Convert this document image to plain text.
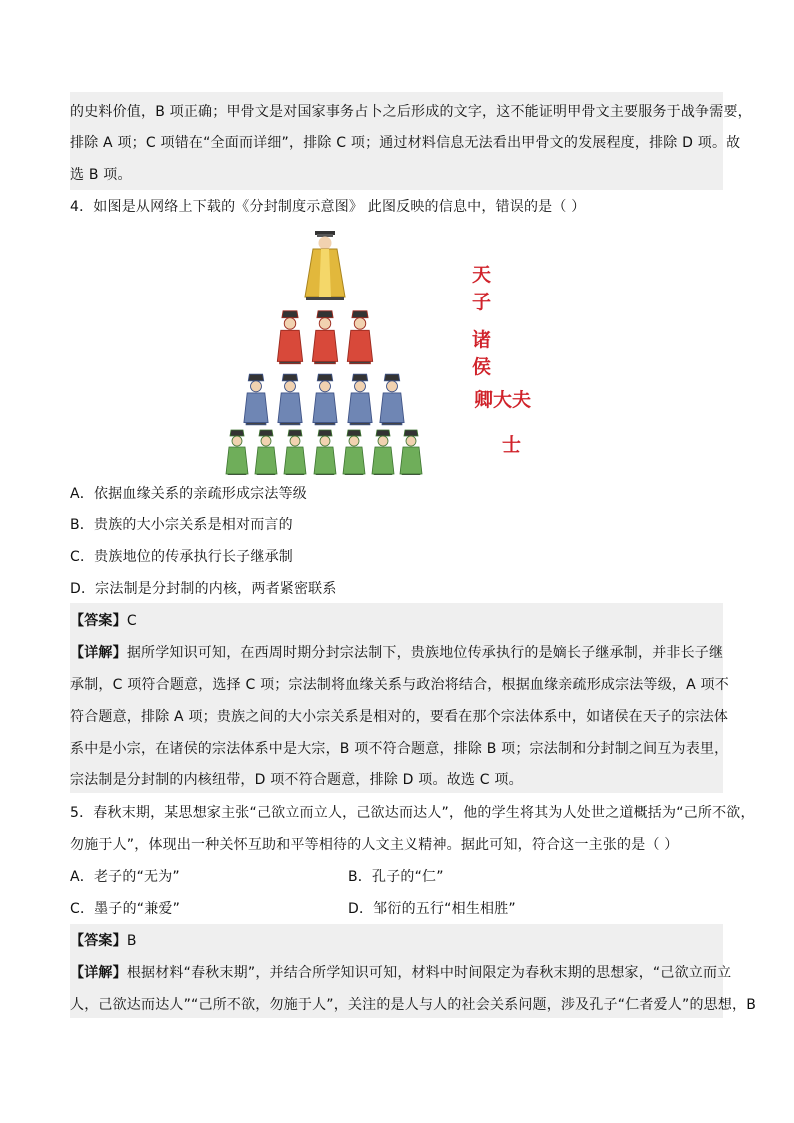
的史料价值，B 项正确；甲骨文是对国家事务占卜之后形成的文字，这不能证明甲骨文主要服务于战争需要，
排除 A 项；C 项错在“全面而详细”，排除 C 项；通过材料信息无法看出甲骨文的发展程度，排除 D 项。故
选 B 项。
4．如图是从网络上下载的《分封制度示意图》 此图反映的信息中，错误的是（ ）
天 子
诸 侯
卿大夫
士
A．依据血缘关系的亲疏形成宗法等级
B．贵族的大小宗关系是相对而言的
C．贵族地位的传承执行长子继承制
D．宗法制是分封制的内核，两者紧密联系
【答案】C
【详解】据所学知识可知，在西周时期分封宗法制下，贵族地位传承执行的是嫡长子继承制，并非长子继
承制，C 项符合题意，选择 C 项；宗法制将血缘关系与政治将结合，根据血缘亲疏形成宗法等级，A 项不
符合题意，排除 A 项；贵族之间的大小宗关系是相对的，要看在那个宗法体系中，如诸侯在天子的宗法体
系中是小宗，在诸侯的宗法体系中是大宗，B 项不符合题意，排除 B 项；宗法制和分封制之间互为表里，
宗法制是分封制的内核纽带，D 项不符合题意，排除 D 项。故选 C 项。
5．春秋末期，某思想家主张“己欲立而立人，己欲达而达人”，他的学生将其为人处世之道概括为“己所不欲，
勿施于人”，体现出一种关怀互助和平等相待的人文主义精神。据此可知，符合这一主张的是（ ）
A．老子的“无为”	B．孔子的“仁”
C．墨子的“兼爱”	D．邹衍的五行“相生相胜”
【答案】B
【详解】根据材料“春秋末期”，并结合所学知识可知，材料中时间限定为春秋末期的思想家，“己欲立而立
人，己欲达而达人”“己所不欲，勿施于人”，关注的是人与人的社会关系问题，涉及孔子“仁者爱人”的思想，B
